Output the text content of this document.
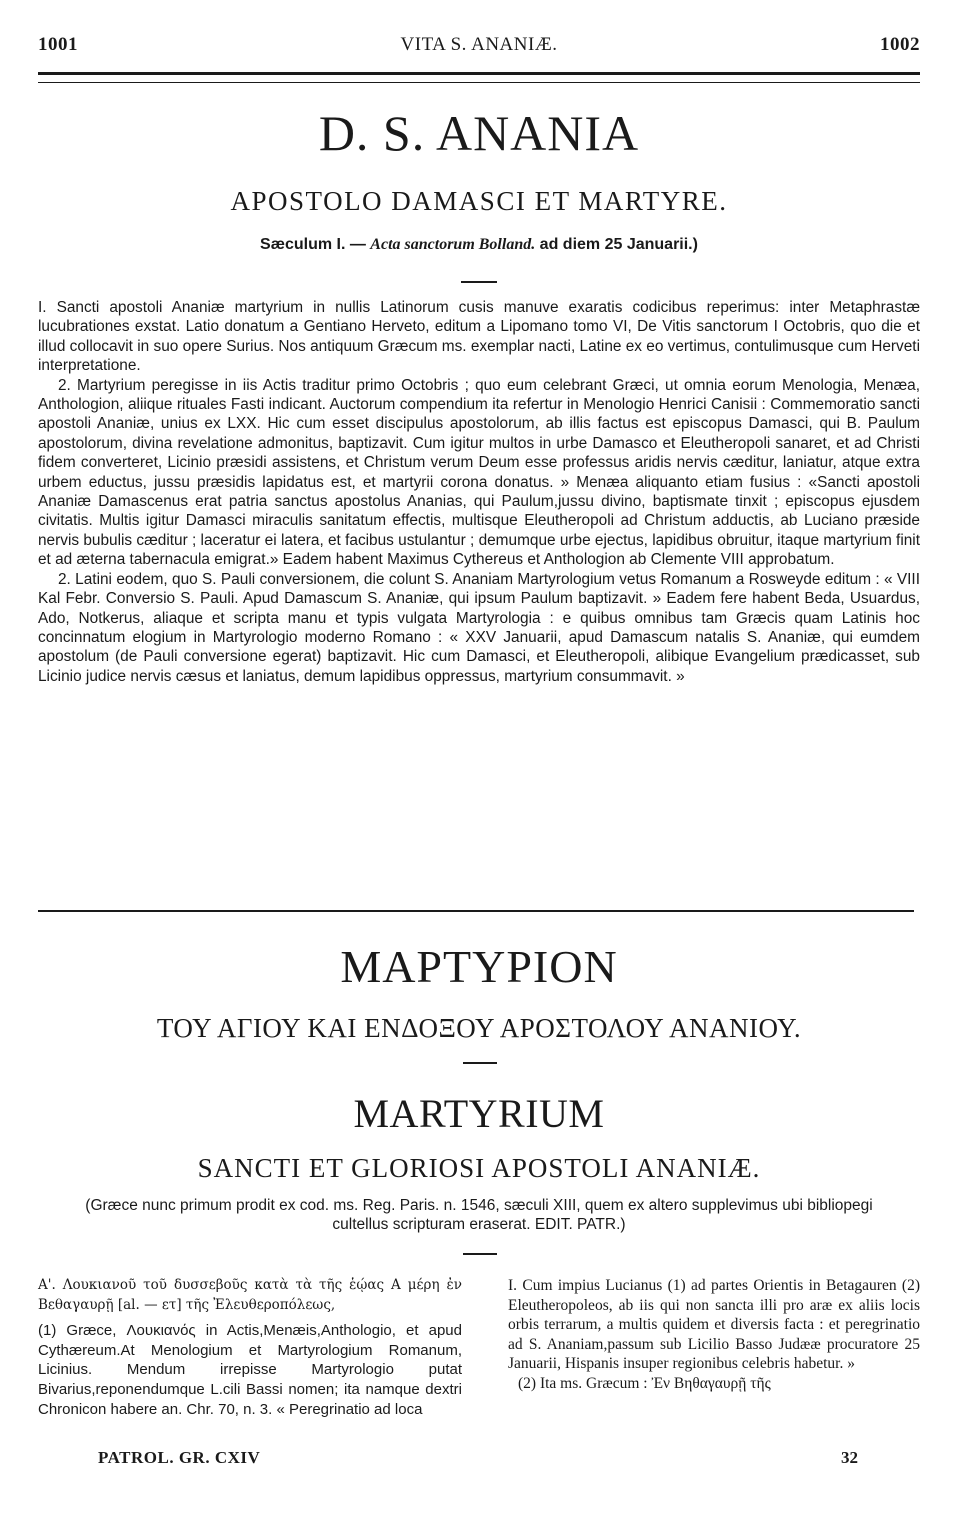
1001	VITA S. ANANIÆ.	1002
D. S. ANANIA
APOSTOLO DAMASCI ET MARTYRE.
Sæculum I. — Acta sanctorum Bolland. ad diem 25 Januarii.)

I. Sancti apostoli Ananiæ martyrium in nullis Latinorum cusis manuve exaratis codicibus reperimus: inter Metaphrastæ lucubrationes exstat. Latio donatum a Gentiano Herveto, editum a Lipomano tomo VI, De Vitis sanctorum I Octobris, quo die et illud collocavit in suo opere Surius. Nos antiquum Græcum ms. exemplar nacti, Latine ex eo vertimus, contulimusque cum Herveti interpretatione.

2. Martyrium peregisse in iis Actis traditur primo Octobris ; quo eum celebrant Græci, ut omnia eorum Menologia, Menæa, Anthologion, aliique rituales Fasti indicant. Auctorum compendium ita refertur in Menologio Henrici Canisii : Commemoratio sancti apostoli Ananiæ, unius ex LXX. Hic cum esset discipulus apostolorum, ab illis factus est episcopus Damasci, qui B. Paulum apostolorum, divina revelatione admonitus, baptizavit. Cum igitur multos in urbe Damasco et Eleutheropoli sanaret, et ad Christi fidem converteret, Licinio præsidi assistens, et Christum verum Deum esse professus aridis nervis cæditur, laniatur, atque extra urbem eductus, jussu præsidis lapidatus est, et martyrii corona donatus. » Menæa aliquanto etiam fusius : «Sancti apostoli Ananiæ Damascenus erat patria sanctus apostolus Ananias, qui Paulum,jussu divino, baptismate tinxit ; episcopus ejusdem civitatis. Multis igitur Damasci miraculis sanitatum effectis, multisque Eleutheropoli ad Christum adductis, ab Luciano præside nervis bubulis cæditur ; laceratur ei latera, et facibus ustulantur ; demumque urbe ejectus, lapidibus obruitur, itaque martyrium finit et ad æterna tabernacula emigrat.» Eadem habent Maximus Cythereus et Anthologion ab Clemente VIII approbatum.

2. Latini eodem, quo S. Pauli conversionem, die colunt S. Ananiam Martyrologium vetus Romanum a Rosweyde editum : « VIII Kal Febr. Conversio S. Pauli. Apud Damascum S. Ananiæ, qui ipsum Paulum baptizavit. » Eadem fere habent Beda, Usuardus, Ado, Notkerus, aliaque et scripta manu et typis vulgata Martyrologia : e quibus omnibus tam Græcis quam Latinis hoc concinnatum elogium in Martyrologio moderno Romano : « XXV Januarii, apud Damascum natalis S. Ananiæ, qui eumdem apostolum (de Pauli conversione egerat) baptizavit. Hic cum Damasci, et Eleutheropoli, alibique Evangelium prædicasset, sub Licinio judice nervis cæsus et laniatus, demum lapidibus oppressus, martyrium consummavit. »

ΜΑΡΤΥΡΙΟΝ
ΤΟΥ ΑΓΙΟΥ ΚΑΙ ΕΝΔΟΞΟΥ ΑΡΟΣΤΟΛΟΥ ΑΝΑΝΙΟΥ.
MARTYRIUM
SANCTI ET GLORIOSI APOSTOLI ANANIÆ.
(Græce nunc primum prodit ex cod. ms. Reg. Paris. n. 1546, sæculi XIII, quem ex altero supplevimus ubi bibliopegi cultellus scripturam eraserat. EDIT. PATR.)

Α'. Λουκιανοῦ τοῦ δυσσεβοῦς κατὰ τὰ τῆς ἑῴας Α μέρη ἐν Βεθαγαυρῇ [al. — ετ] τῆς Ἐλευθεροπόλεως,

(1) Græce, Λουκιανός in Actis,Menæis,Anthologio, et apud Cythæreum.At Menologium et Martyrologium Romanum, Licinius. Mendum irrepisse Martyrologio putat Bivarius,reponendumque L.cili Bassi nomen; ita namque dextri Chronicon habere an. Chr. 70, n. 3. « Peregrinatio ad loca

I. Cum impius Lucianus (1) ad partes Orientis in Betagauren (2) Eleutheropoleos, ab iis qui non sancta illi pro aræ ex aliis locis orbis terrarum, a multis quidem et diversis facta : et peregrinatio ad S. Ananiam,passum sub Licilio Basso Judææ procuratore 25 Januarii, Hispanis insuper regionibus celebris habetur. »

(2) Ita ms. Græcum : Ἐν Βηθαγαυρῇ τῆς

PATROL. GR. CXIV	32
